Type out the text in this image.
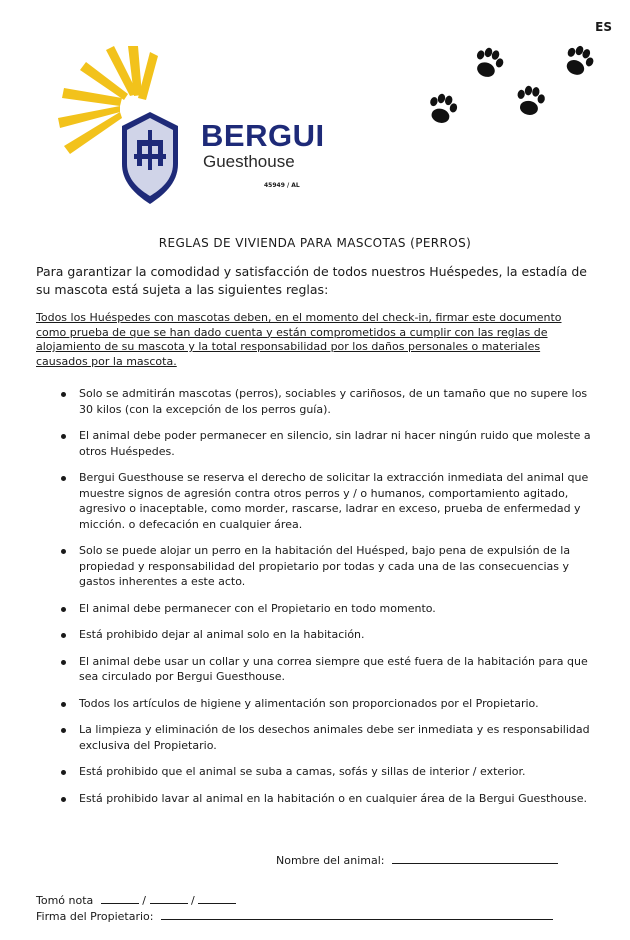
ES
BERGUI
Guesthouse
45949 / AL
REGLAS DE VIVIENDA PARA MASCOTAS (PERROS)
Para garantizar la comodidad y satisfacción de todos nuestros Huéspedes, la estadía de su mascota está sujeta a las siguientes reglas:
Todos los Huéspedes con mascotas deben, en el momento del check-in, firmar este documento como prueba de que se han dado cuenta y están comprometidos a cumplir con las reglas de alojamiento de su mascota y la total responsabilidad por los daños personales o materiales causados por la mascota.
Solo se admitirán mascotas (perros), sociables y cariñosos, de un tamaño que no supere los 30 kilos (con la excepción de los perros guía).
El animal debe poder permanecer en silencio, sin ladrar ni hacer ningún ruido que moleste a otros Huéspedes.
Bergui Guesthouse se reserva el derecho de solicitar la extracción inmediata del animal que muestre signos de agresión contra otros perros y / o humanos, comportamiento agitado, agresivo o inaceptable, como morder, rascarse, ladrar en exceso, prueba de enfermedad y micción. o defecación en cualquier área.
Solo se puede alojar un perro en la habitación del Huésped, bajo pena de expulsión de la propiedad y responsabilidad del propietario por todas y cada una de las consecuencias y gastos inherentes a este acto.
El animal debe permanecer con el Propietario en todo momento.
Está prohibido dejar al animal solo en la habitación.
El animal debe usar un collar y una correa siempre que esté fuera de la habitación para que sea circulado por Bergui Guesthouse.
Todos los artículos de higiene y alimentación son proporcionados por el Propietario.
La limpieza y eliminación de los desechos animales debe ser inmediata y es responsabilidad exclusiva del Propietario.
Está prohibido que el animal se suba a camas, sofás y sillas de interior / exterior.
Está prohibido lavar al animal en la habitación o en cualquier área de la Bergui Guesthouse.
Nombre del animal:
Tomó nota	/	/
Firma del Propietario:
